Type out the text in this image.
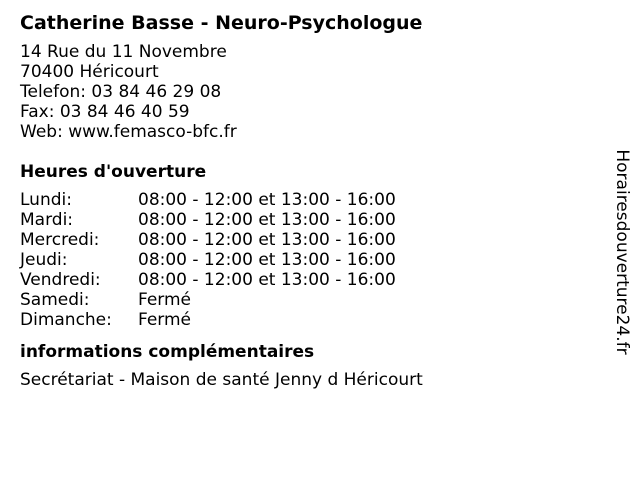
Catherine Basse - Neuro-Psychologue
14 Rue du 11 Novembre
70400 Héricourt
Telefon: 03 84 46 29 08
Fax: 03 84 46 40 59
Web: www.femasco-bfc.fr
Heures d'ouverture
Lundi:	08:00 - 12:00 et 13:00 - 16:00
Mardi:	08:00 - 12:00 et 13:00 - 16:00
Mercredi:	08:00 - 12:00 et 13:00 - 16:00
Jeudi:	08:00 - 12:00 et 13:00 - 16:00
Vendredi:	08:00 - 12:00 et 13:00 - 16:00
Samedi:	Fermé
Dimanche:	Fermé
informations complémentaires
Secrétariat - Maison de santé Jenny d Héricourt
Horairesdouverture24.fr
